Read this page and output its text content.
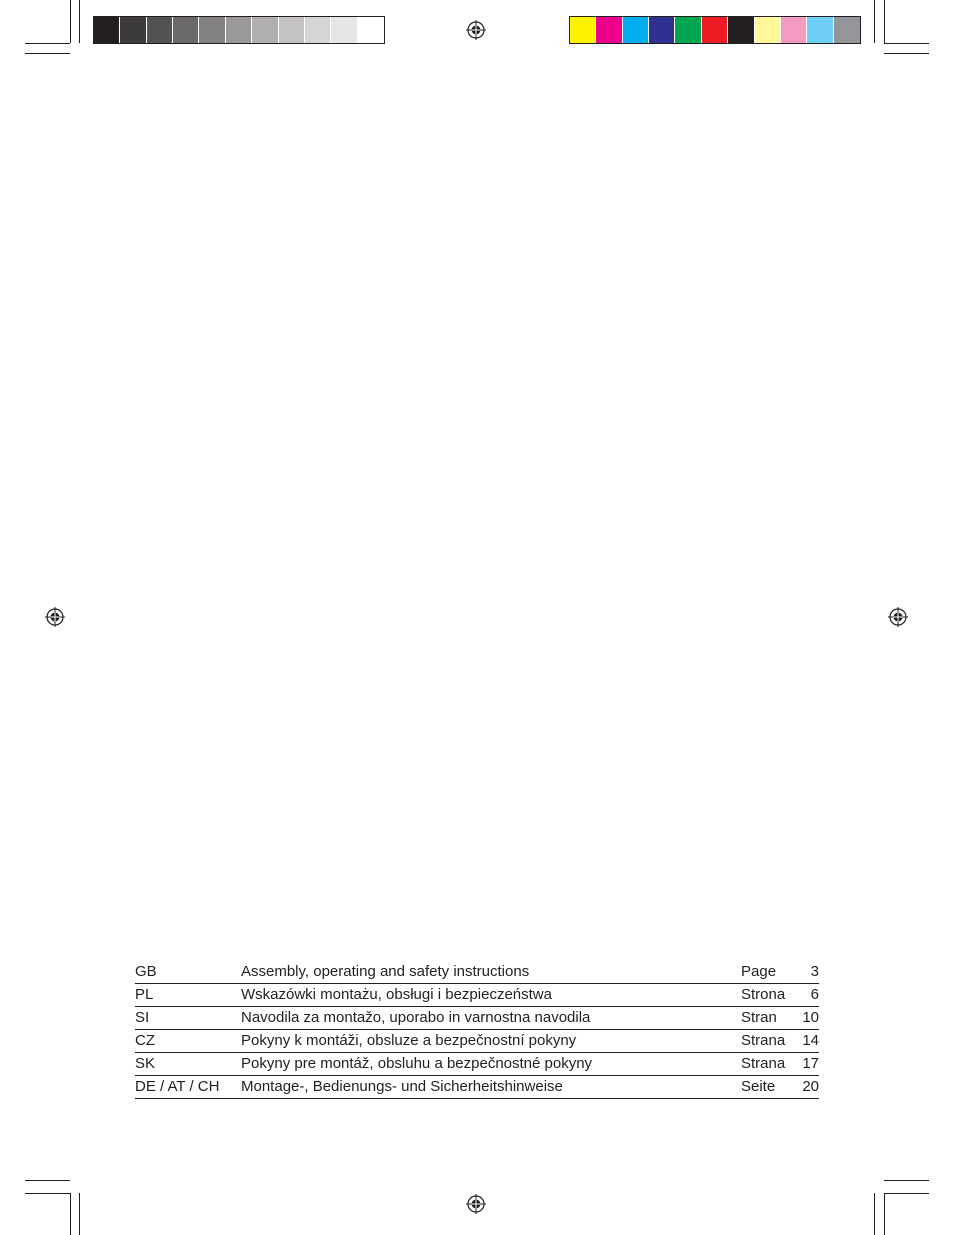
GB	Assembly, operating and safety instructions		Page	3
PL	Wskazówki montażu, obsługi i bezpieczeństwa		Strona	6
SI	Navodila za montažo, uporabo in varnostna navodila		Stran	10
CZ	Pokyny k montáži, obsluze a bezpečnostní pokyny		Strana	14
SK	Pokyny pre montáž, obsluhu a bezpečnostné pokyny		Strana	17
DE / AT / CH	Montage-, Bedienungs- und Sicherheitshinweise		Seite	20
